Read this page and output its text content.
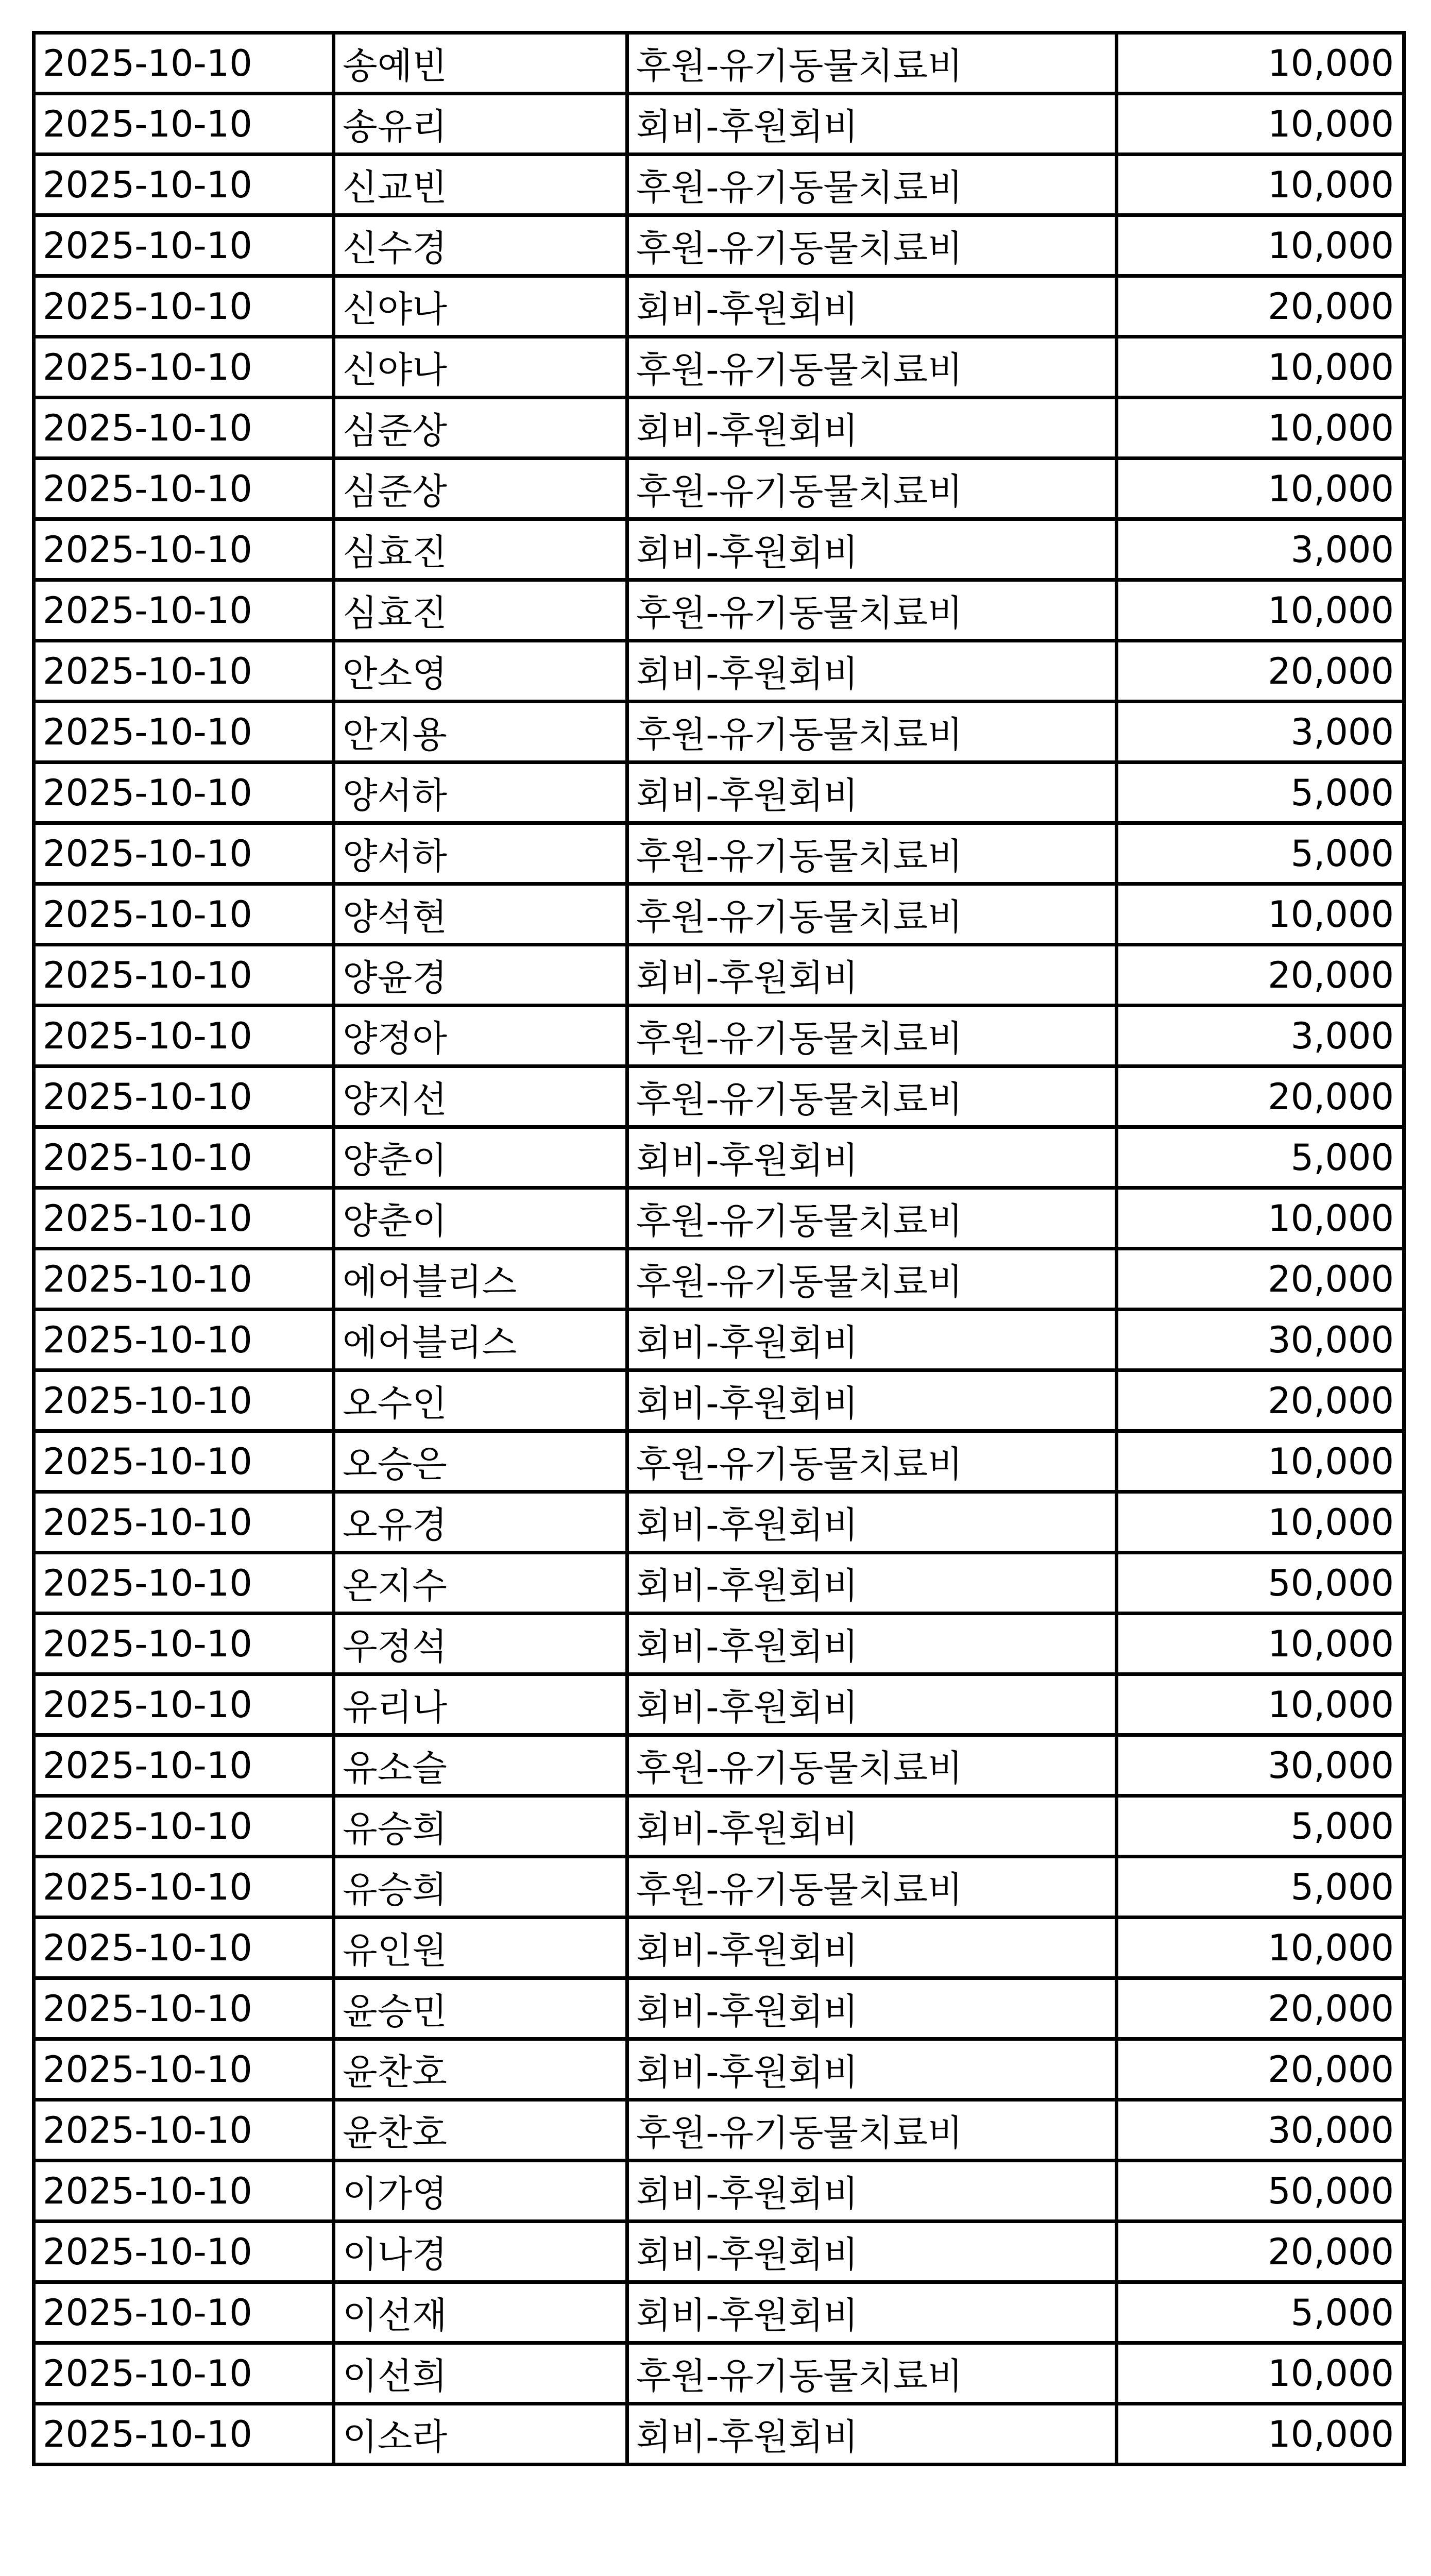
2025-10-10	송예빈	후원-유기동물치료비	10,000
2025-10-10	송유리	회비-후원회비	10,000
2025-10-10	신교빈	후원-유기동물치료비	10,000
2025-10-10	신수경	후원-유기동물치료비	10,000
2025-10-10	신야나	회비-후원회비	20,000
2025-10-10	신야나	후원-유기동물치료비	10,000
2025-10-10	심준상	회비-후원회비	10,000
2025-10-10	심준상	후원-유기동물치료비	10,000
2025-10-10	심효진	회비-후원회비	3,000
2025-10-10	심효진	후원-유기동물치료비	10,000
2025-10-10	안소영	회비-후원회비	20,000
2025-10-10	안지용	후원-유기동물치료비	3,000
2025-10-10	양서하	회비-후원회비	5,000
2025-10-10	양서하	후원-유기동물치료비	5,000
2025-10-10	양석현	후원-유기동물치료비	10,000
2025-10-10	양윤경	회비-후원회비	20,000
2025-10-10	양정아	후원-유기동물치료비	3,000
2025-10-10	양지선	후원-유기동물치료비	20,000
2025-10-10	양춘이	회비-후원회비	5,000
2025-10-10	양춘이	후원-유기동물치료비	10,000
2025-10-10	에어블리스	후원-유기동물치료비	20,000
2025-10-10	에어블리스	회비-후원회비	30,000
2025-10-10	오수인	회비-후원회비	20,000
2025-10-10	오승은	후원-유기동물치료비	10,000
2025-10-10	오유경	회비-후원회비	10,000
2025-10-10	온지수	회비-후원회비	50,000
2025-10-10	우정석	회비-후원회비	10,000
2025-10-10	유리나	회비-후원회비	10,000
2025-10-10	유소슬	후원-유기동물치료비	30,000
2025-10-10	유승희	회비-후원회비	5,000
2025-10-10	유승희	후원-유기동물치료비	5,000
2025-10-10	유인원	회비-후원회비	10,000
2025-10-10	윤승민	회비-후원회비	20,000
2025-10-10	윤찬호	회비-후원회비	20,000
2025-10-10	윤찬호	후원-유기동물치료비	30,000
2025-10-10	이가영	회비-후원회비	50,000
2025-10-10	이나경	회비-후원회비	20,000
2025-10-10	이선재	회비-후원회비	5,000
2025-10-10	이선희	후원-유기동물치료비	10,000
2025-10-10	이소라	회비-후원회비	10,000
